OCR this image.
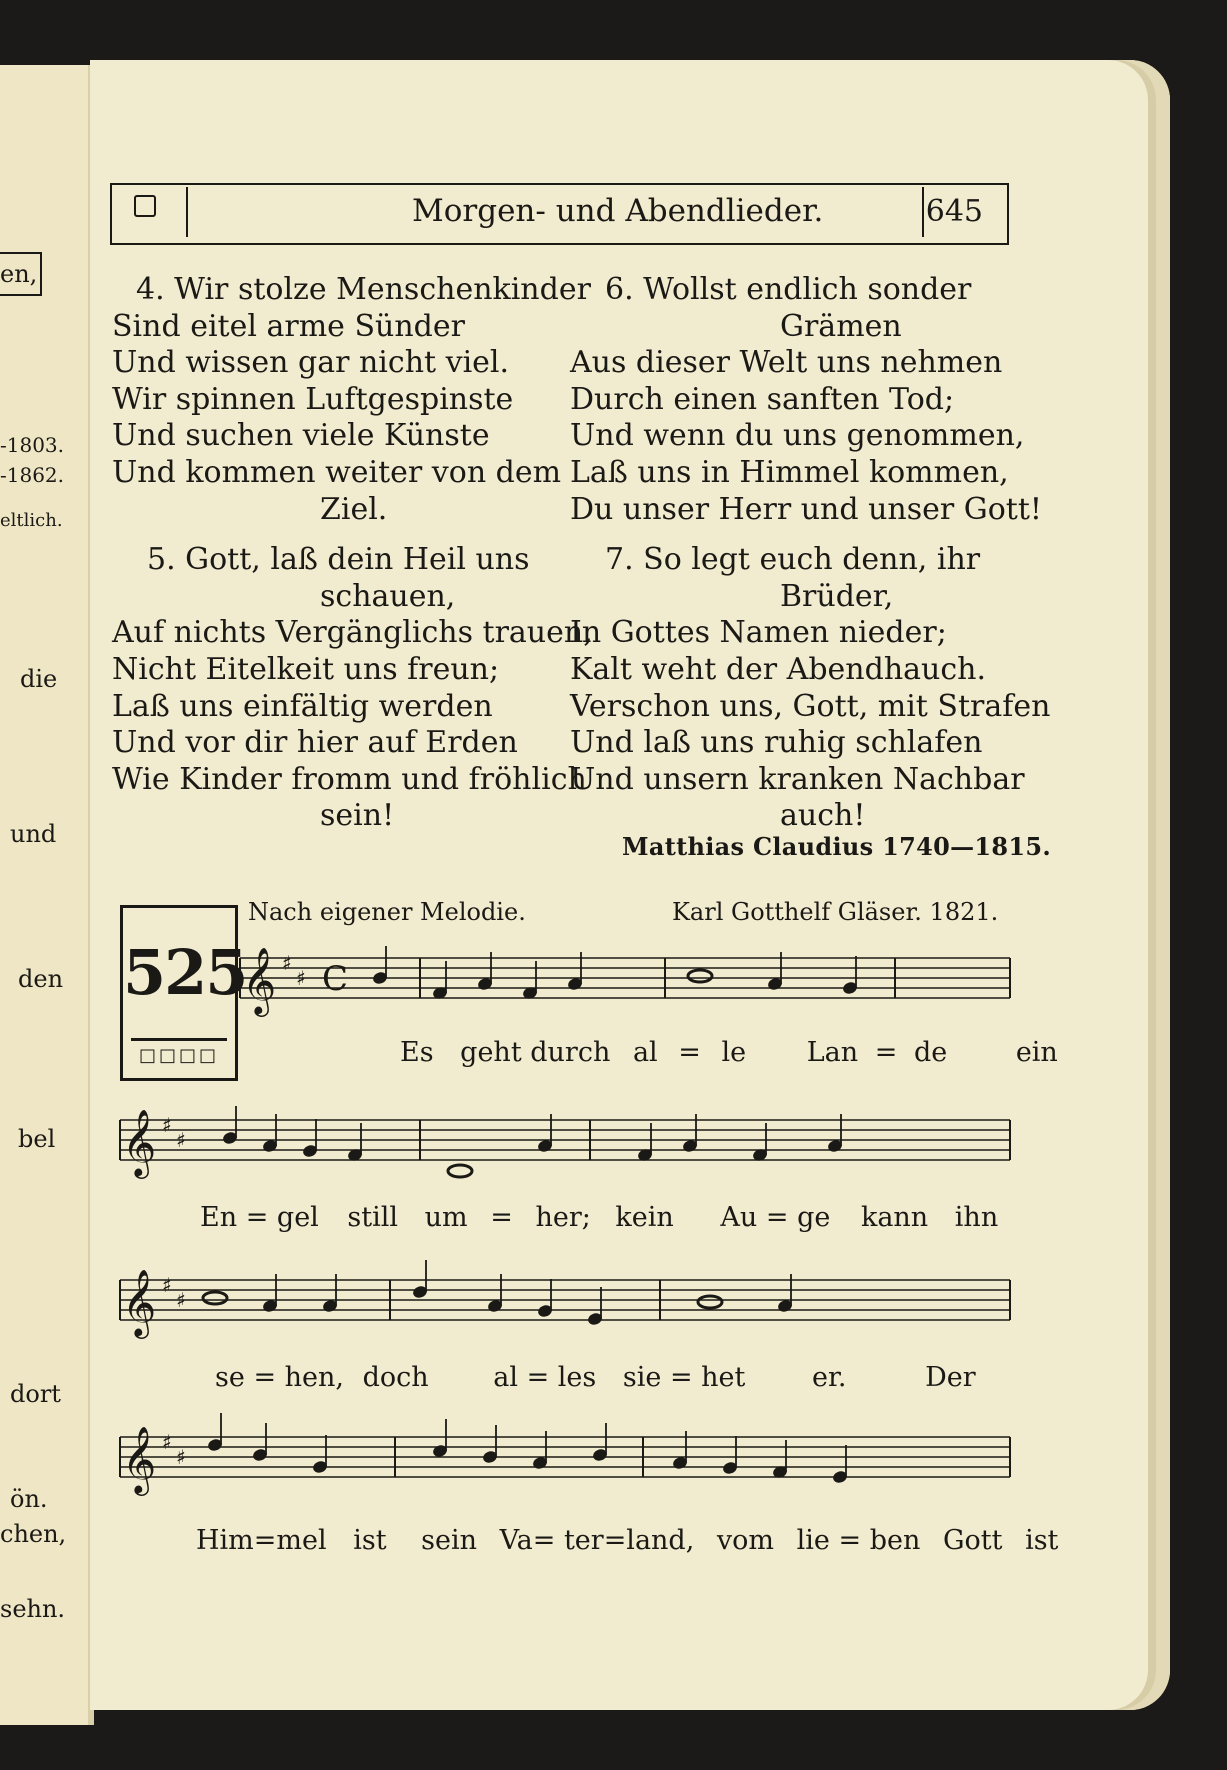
en,
-1803.
-1862.
eltlich.
die
und
den
bel
dort
ön.
chen,
sehn.
Morgen- und Abendlieder.	645
4. Wir stolze Menschenkinder
Sind eitel arme Sünder
Und wissen gar nicht viel.
Wir spinnen Luftgespinste
Und suchen viele Künste
Und kommen weiter von dem
Ziel.
5. Gott, laß dein Heil uns
schauen,
Auf nichts Vergänglichs trauen,
Nicht Eitelkeit uns freun;
Laß uns einfältig werden
Und vor dir hier auf Erden
Wie Kinder fromm und fröhlich
sein!
6. Wollst endlich sonder
Grämen
Aus dieser Welt uns nehmen
Durch einen sanften Tod;
Und wenn du uns genommen,
Laß uns in Himmel kommen,
Du unser Herr und unser Gott!
7. So legt euch denn, ihr
Brüder,
In Gottes Namen nieder;
Kalt weht der Abendhauch.
Verschon uns, Gott, mit Strafen
Und laß uns ruhig schlafen
Und unsern kranken Nachbar
auch!
Matthias Claudius 1740—1815.
525
□□□□
Nach eigener Melodie.	Karl Gotthelf Gläser. 1821.
𝄞 ♯
♯ C
𝄞 ♯
♯
𝄞 ♯
♯
𝄞 ♯
♯
Es geht durch al = le Lan = de	ein
En = gel still um = her; kein Au = ge kann ihn
se = hen, doch al = les sie = het er.	Der
Him=mel ist sein Va= ter=land, vom lie = ben Gott ist
